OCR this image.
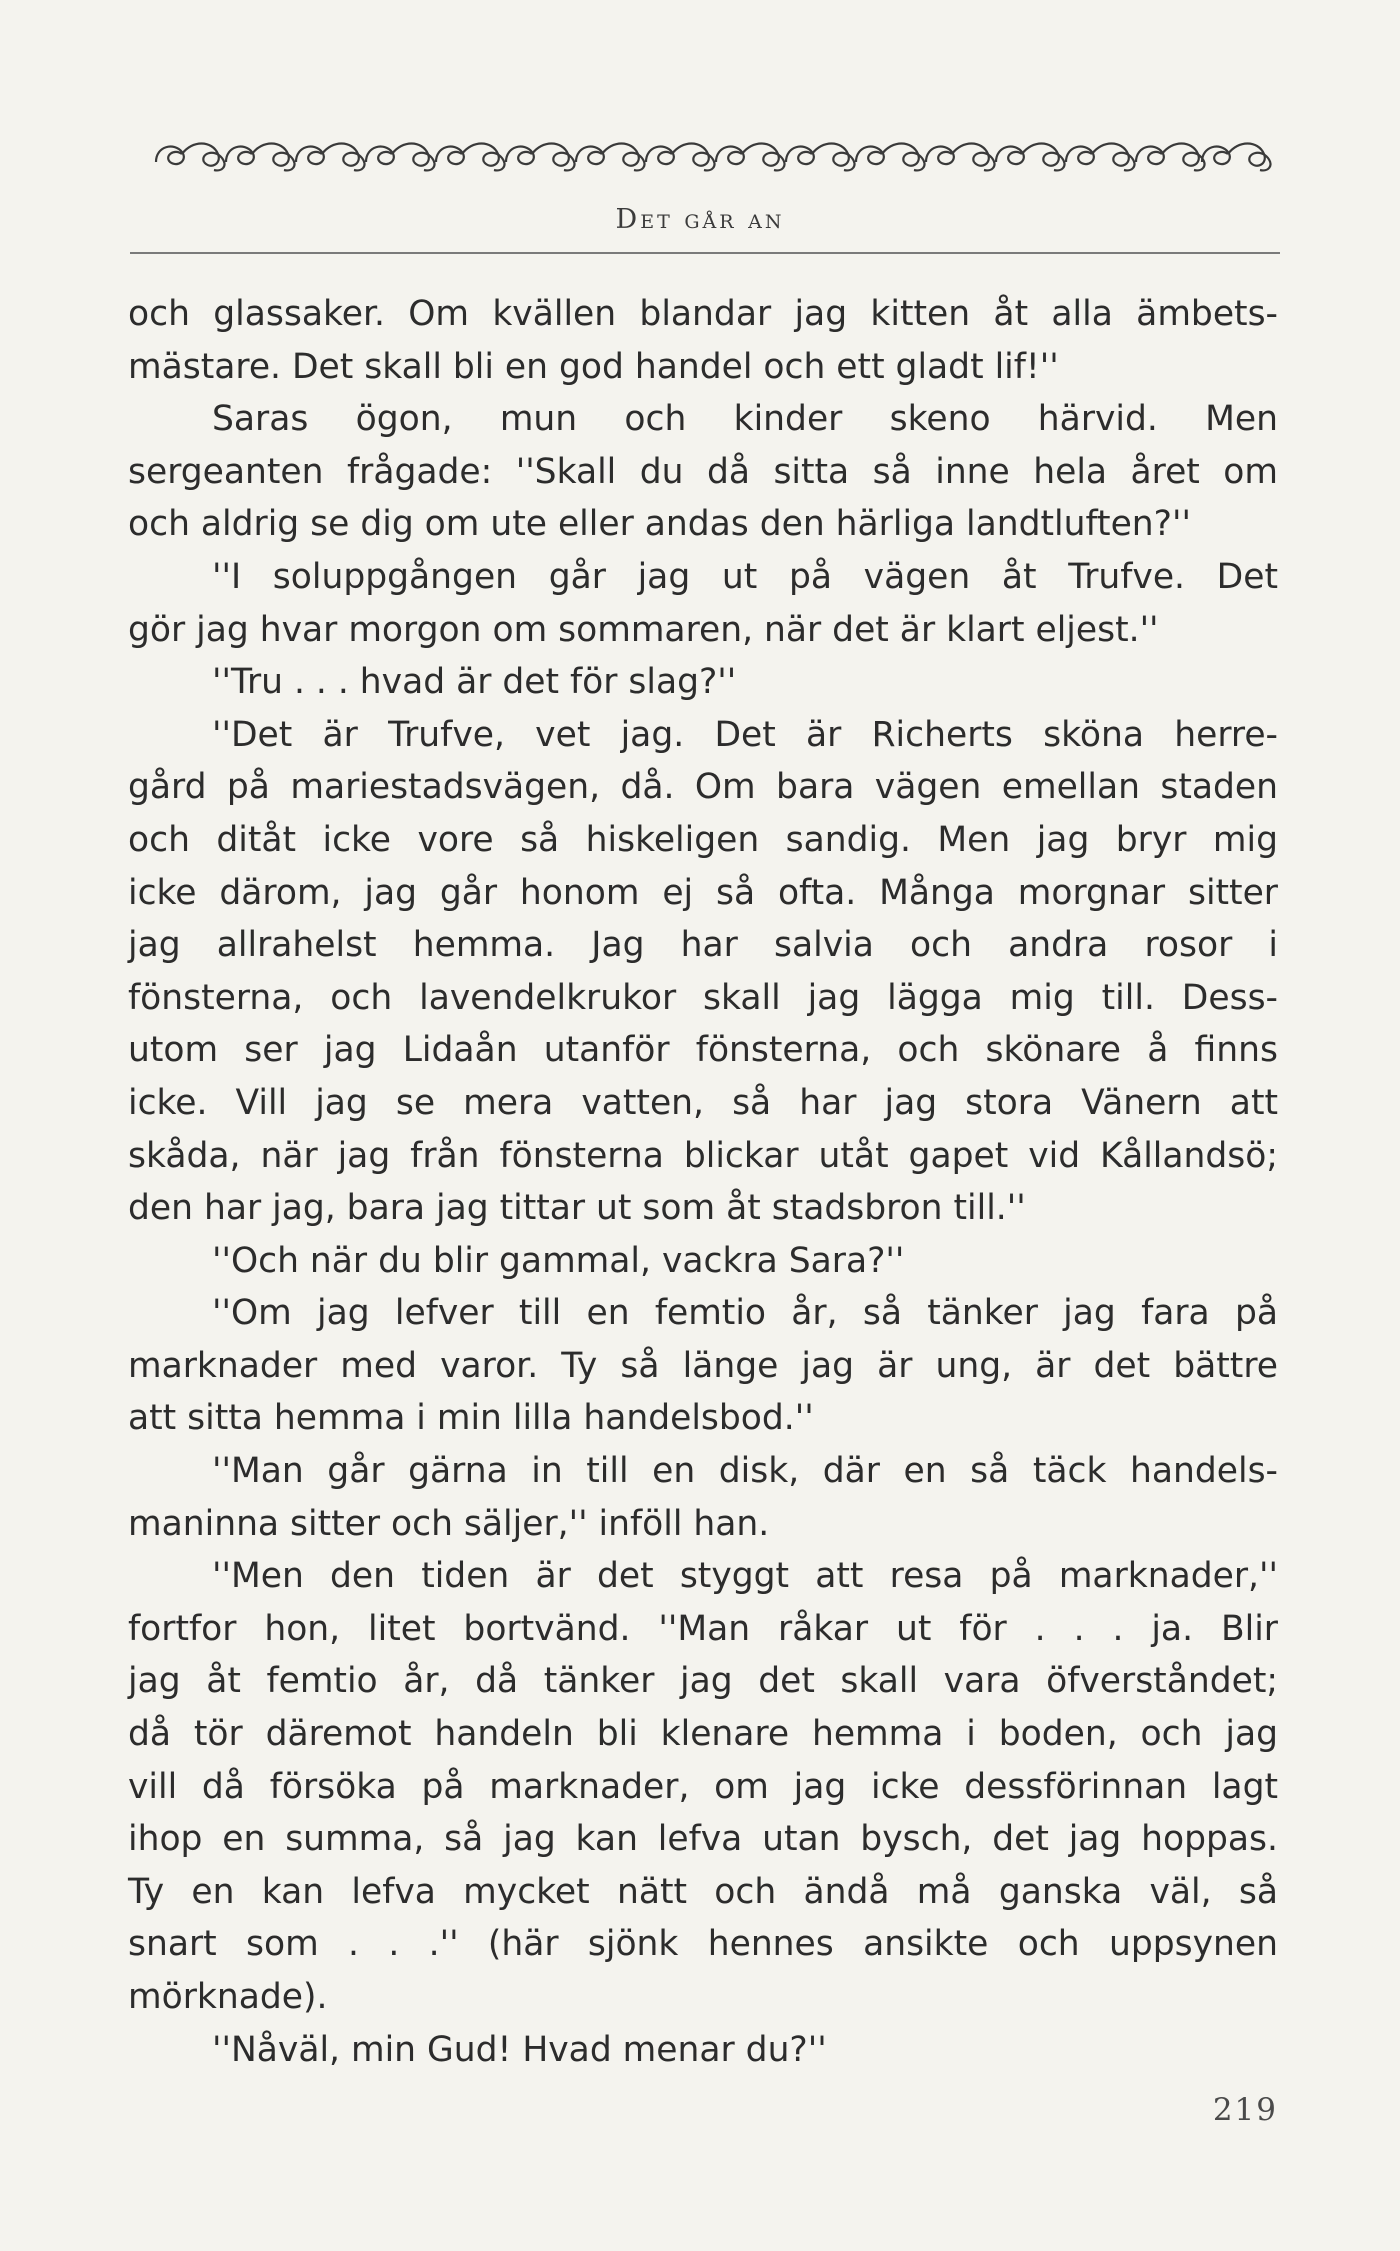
Det går an
och glassaker. Om kvällen blandar jag kitten åt alla ämbets-
mästare. Det skall bli en god handel och ett gladt lif!''
Saras ögon, mun och kinder skeno härvid. Men
sergeanten frågade: ''Skall du då sitta så inne hela året om
och aldrig se dig om ute eller andas den härliga landtluften?''
''I soluppgången går jag ut på vägen åt Trufve. Det
gör jag hvar morgon om sommaren, när det är klart eljest.''
''Tru . . . hvad är det för slag?''
''Det är Trufve, vet jag. Det är Richerts sköna herre-
gård på mariestadsvägen, då. Om bara vägen emellan staden
och ditåt icke vore så hiskeligen sandig. Men jag bryr mig
icke därom, jag går honom ej så ofta. Många morgnar sitter
jag allrahelst hemma. Jag har salvia och andra rosor i
fönsterna, och lavendelkrukor skall jag lägga mig till. Dess-
utom ser jag Lidaån utanför fönsterna, och skönare å finns
icke. Vill jag se mera vatten, så har jag stora Vänern att
skåda, när jag från fönsterna blickar utåt gapet vid Kållandsö;
den har jag, bara jag tittar ut som åt stadsbron till.''
''Och när du blir gammal, vackra Sara?''
''Om jag lefver till en femtio år, så tänker jag fara på
marknader med varor. Ty så länge jag är ung, är det bättre
att sitta hemma i min lilla handelsbod.''
''Man går gärna in till en disk, där en så täck handels-
maninna sitter och säljer,'' inföll han.
''Men den tiden är det styggt att resa på marknader,''
fortfor hon, litet bortvänd. ''Man råkar ut för . . . ja. Blir
jag åt femtio år, då tänker jag det skall vara öfverståndet;
då tör däremot handeln bli klenare hemma i boden, och jag
vill då försöka på marknader, om jag icke dessförinnan lagt
ihop en summa, så jag kan lefva utan bysch, det jag hoppas.
Ty en kan lefva mycket nätt och ändå må ganska väl, så
snart som . . .'' (här sjönk hennes ansikte och uppsynen
mörknade).
''Nåväl, min Gud! Hvad menar du?''
219
